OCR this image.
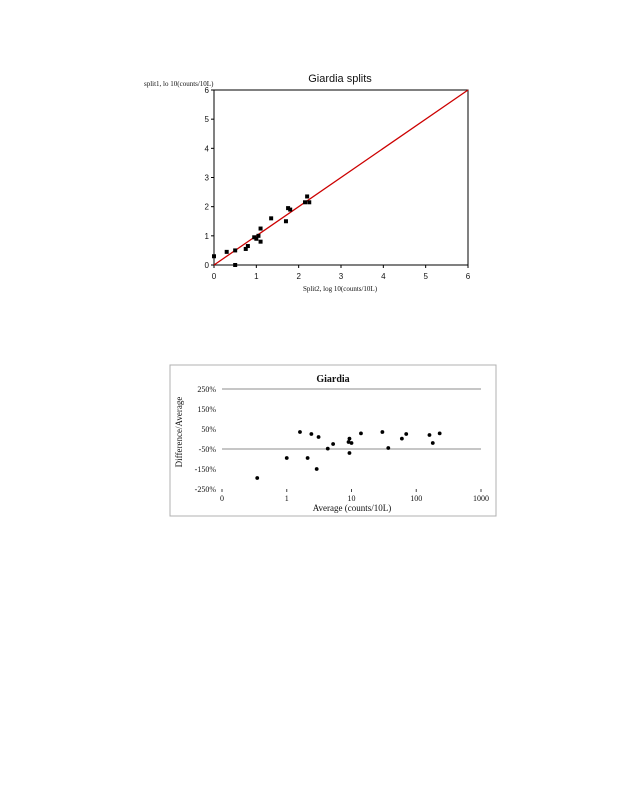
Giardia splits
split1, lo 10(counts/10L)
Split2, log 10(counts/10L)
0	1	2	3	4	5	6
0
1
2
3
4
5
6
Giardia
Difference/Average
Average (counts/10L)
250%
150%
50%
-50%
-150%
-250%
0	1	10	100	1000
